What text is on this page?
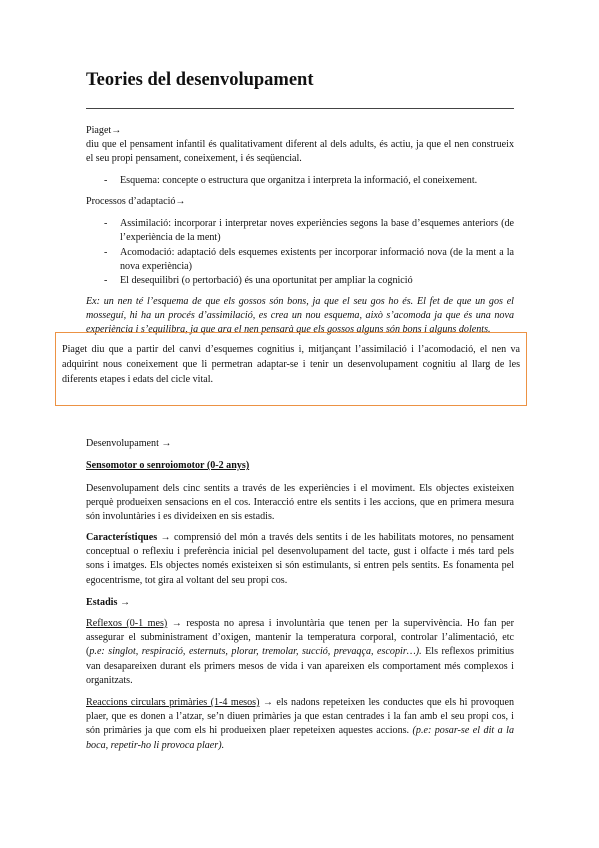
Teories del desenvolupament

Piaget→

diu que el pensament infantil és qualitativament diferent al dels adults, és actiu, ja que el nen construeix el seu propi pensament, coneixement, i és seqüencial.

- Esquema: concepte o estructura que organitza i interpreta la informació, el coneixement.

Processos d’adaptació→

- Assimilació: incorporar i interpretar noves experiències segons la base d’esquemes anteriors (de l’experiència de la ment)
- Acomodació: adaptació dels esquemes existents per incorporar informació nova (de la ment a la nova experiència)
- El desequilibri (o pertorbació) és una oportunitat per ampliar la cognició
Ex: un nen té l’esquema de que els gossos són bons, ja que el seu gos ho és. El fet de que un gos el mosseguí, hi ha un procés d’assimilació, es crea un nou esquema, això s’acomoda ja que és una nova experiència i s’equilibra, ja que ara el nen pensarà que els gossos alguns són bons i alguns dolents.

Piaget diu que a partir del canvi d’esquemes cognitius i, mitjançant l’assimilació i l’acomodació, el nen va adquirint nous coneixement que li permetran adaptar-se i tenir un desenvolupament cognitiu al llarg de les diferents etapes i edats del cicle vital.

Desenvolupament →

Sensomotor o senroiomotor (0-2 anys)

Desenvolupament dels cinc sentits a través de les experiències i el moviment. Els objectes existeixen perquè produeixen sensacions en el cos. Interacció entre els sentits i les accions, que en primera mesura són involuntàries i es divideixen en sis estadis.
Característiques → comprensió del món a través dels sentits i de les habilitats motores, no pensament conceptual o reflexiu i preferència inicial pel desenvolupament del tacte, gust i olfacte i més tard pels sons i imatges. Els objectes només existeixen si són estimulants, si entren pels sentits. Es fonamenta pel egocentrisme, tot gira al voltant del seu propi cos.

Estadis →

Reflexos (0-1 mes) → resposta no apresa i involuntària que tenen per la supervivència. Ho fan per assegurar el subministrament d’oxigen, mantenir la temperatura corporal, controlar l’alimentació, etc (p.e: singlot, respiració, esternuts, plorar, tremolar, succió, prevaqça, escopir…). Els reflexos primitius van desapareixen durant els primers mesos de vida i van apareixen els comportament més complexos i organitzats.
Reaccions circulars primàries (1-4 mesos) → els nadons repeteixen les conductes que els hi provoquen plaer, que es donen a l’atzar, se’n diuen primàries ja que estan centrades i la fan amb el seu propi cos, i són primàries ja que com els hi produeixen plaer repeteixen aquestes accions. (p.e: posar-se el dit a la boca, repetir-ho li provoca plaer).
